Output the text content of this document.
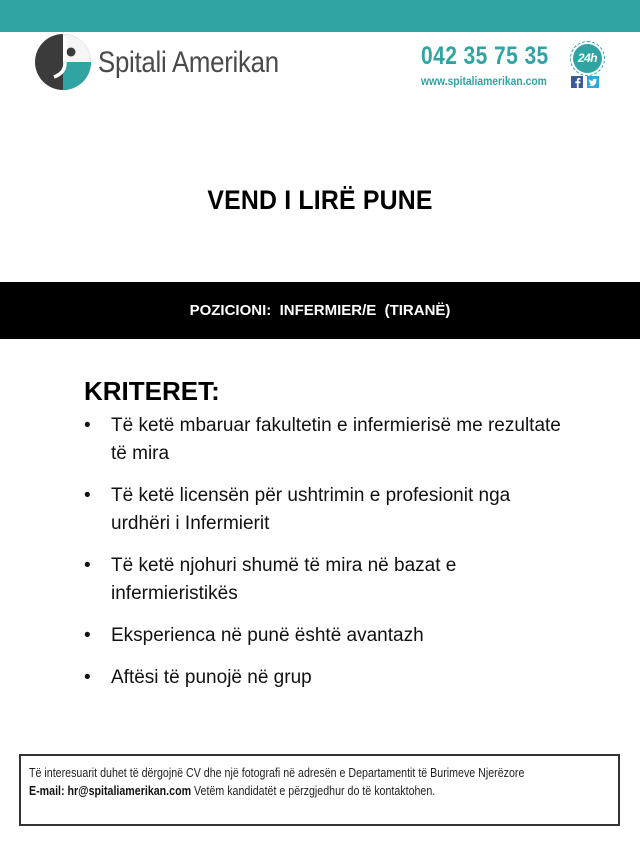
Spitali Amerikan	042 35 75 35	24h
www.spitaliamerikan.com
VEND I LIRË PUNE
POZICIONI:  INFERMIER/E  (TIRANË)
KRITERET:
• Të ketë mbaruar fakultetin e infermierisë me rezultate të mira
• Të ketë licensën për ushtrimin e profesionit nga urdhëri i Infermierit
• Të ketë njohuri shumë të mira në bazat e infermieristikës
• Eksperienca në punë është avantazh
• Aftësi të punojë në grup
Të interesuarit duhet të dërgojnë CV dhe një fotografi në adresën e Departamentit të Burimeve Njerëzore
E-mail: hr@spitaliamerikan.com Vetëm kandidatët e përzgjedhur do të kontaktohen.
